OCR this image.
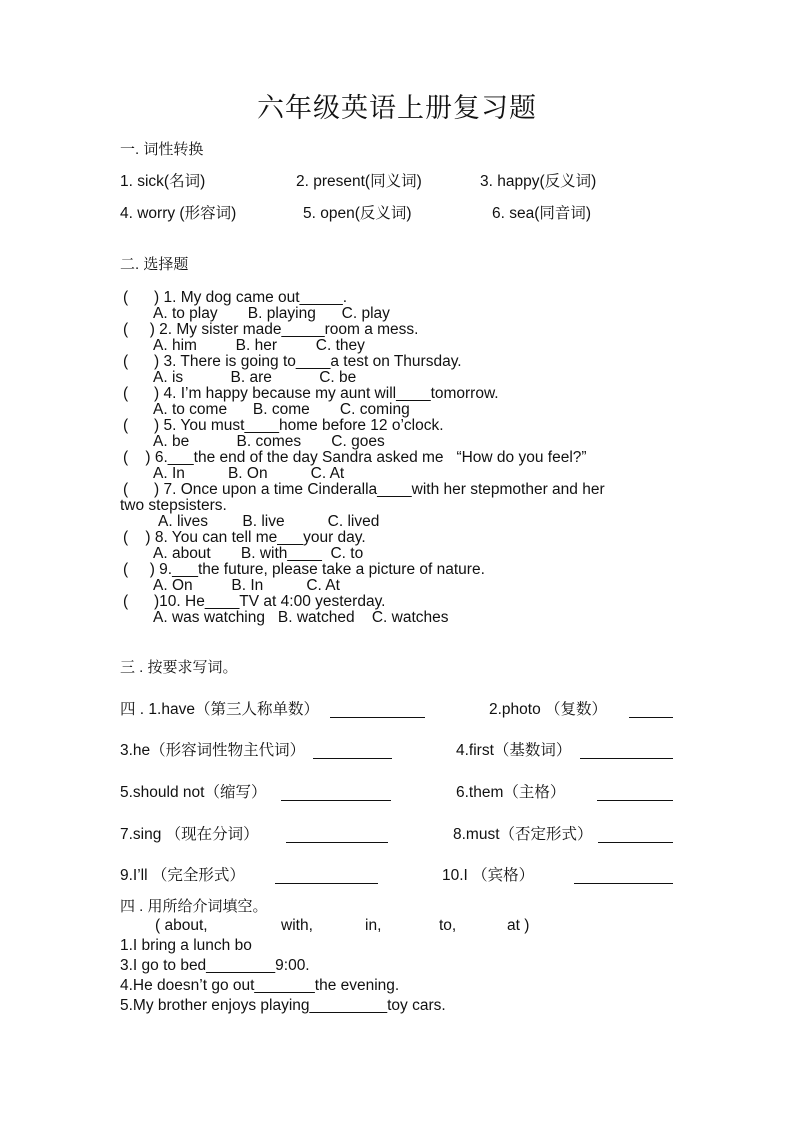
六年级英语上册复习题
一. 词性转换
1. sick(名词)	2. present(同义词)	3. happy(反义词)
4. worry (形容词)	5. open(反义词)	6. sea(同音词)
二. 选择题
(      ) 1. My dog came out_____.
A. to play       B. playing      C. play
(     ) 2. My sister made_____room a mess.
A. him         B. her         C. they
(      ) 3. There is going to____a test on Thursday.
A. is           B. are           C. be
(      ) 4. I’m happy because my aunt will____tomorrow.
A. to come      B. come       C. coming
(      ) 5. You must____home before 12 o’clock.
A. be           B. comes       C. goes
(    ) 6.___the end of the day Sandra asked me   “How do you feel?”
A. In          B. On          C. At
(      ) 7. Once upon a time Cinderalla____with her stepmother and her
two stepsisters.
A. lives        B. live          C. lived
(    ) 8. You can tell me___your day.
A. about       B. with____  C. to
(     ) 9.___the future, please take a picture of nature.
A. On         B. In          C. At
(      )10. He____TV at 4:00 yesterday.
A. was watching   B. watched    C. watches
三 . 按要求写词。
四 . 1.have（第三人称单数）	2.photo （复数）
3.he（形容词性物主代词）	4.first（基数词）
5.should not（缩写）	6.them（主格）
7.sing （现在分词）	8.must（否定形式）
9.I’ll （完全形式）	10.I （宾格）
四 . 用所给介词填空。
( about,	with,	in,	to,	at )
1.I bring a lunch bo
3.I go to bed________9:00.
4.He doesn’t go out_______the evening.
5.My brother enjoys playing_________toy cars.
